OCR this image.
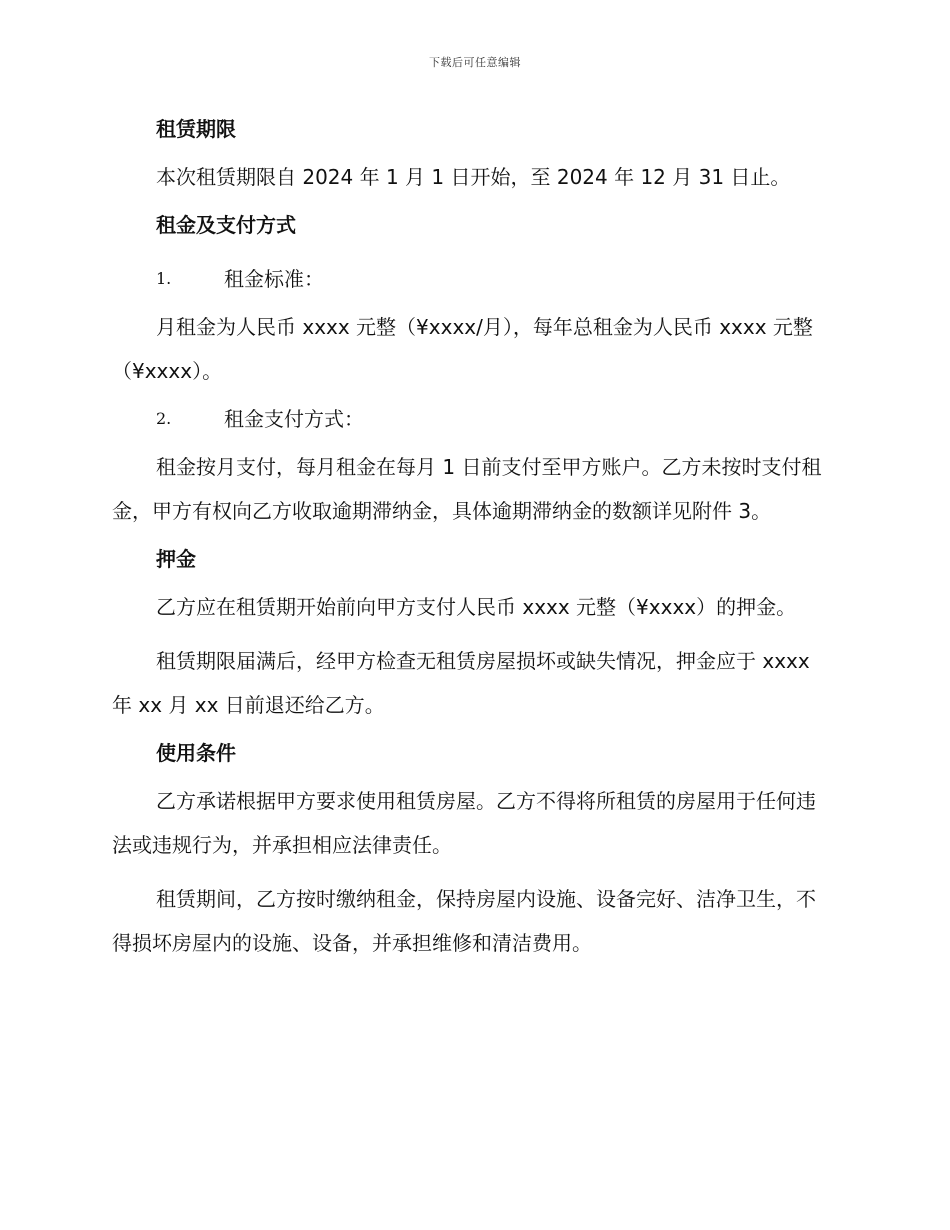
下载后可任意编辑
租赁期限

本次租赁期限自 2024 年 1 月 1 日开始，至 2024 年 12 月 31 日止。

租金及支付方式
1.	租金标准：

月租金为人民币 xxxx 元整（¥xxxx/月），每年总租金为人民币 xxxx 元整（¥xxxx）。

2.	租金支付方式：

租金按月支付，每月租金在每月 1 日前支付至甲方账户。乙方未按时支付租金，甲方有权向乙方收取逾期滞纳金，具体逾期滞纳金的数额详见附件 3。

押金

乙方应在租赁期开始前向甲方支付人民币 xxxx 元整（¥xxxx）的押金。

租赁期限届满后，经甲方检查无租赁房屋损坏或缺失情况，押金应于 xxxx 年 xx 月 xx 日前退还给乙方。

使用条件

乙方承诺根据甲方要求使用租赁房屋。乙方不得将所租赁的房屋用于任何违法或违规行为，并承担相应法律责任。

租赁期间，乙方按时缴纳租金，保持房屋内设施、设备完好、洁净卫生，不得损坏房屋内的设施、设备，并承担维修和清洁费用。
